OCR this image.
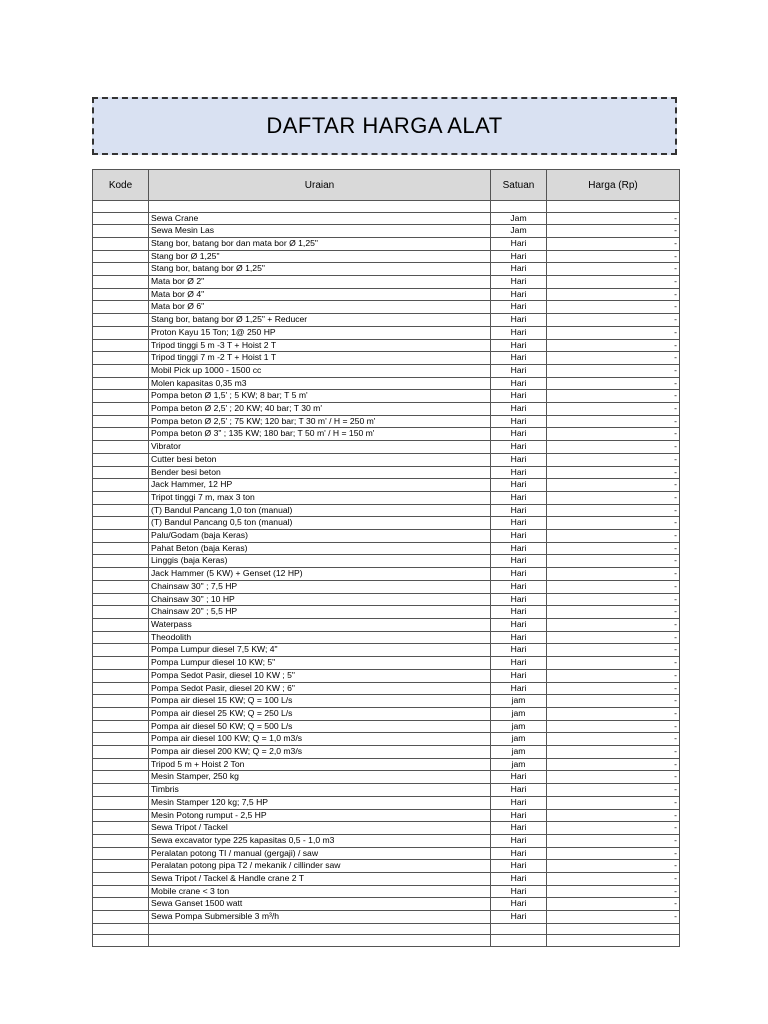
DAFTAR HARGA ALAT
Kode	Uraian	Satuan	Harga (Rp)

	Sewa Crane	Jam	-
	Sewa Mesin Las	Jam	-
	Stang bor, batang bor dan mata bor Ø 1,25"	Hari	-
	Stang bor Ø 1,25"	Hari	-
	Stang bor, batang bor Ø 1,25"	Hari	-
	Mata bor Ø 2"	Hari	-
	Mata bor Ø 4"	Hari	-
	Mata bor Ø 6"	Hari	-
	Stang bor, batang bor Ø 1,25" + Reducer	Hari	-
	Proton Kayu 15 Ton; 1@ 250 HP	Hari	-
	Tripod tinggi 5 m -3 T + Hoist 2 T	Hari	-
	Tripod tinggi 7 m -2 T + Hoist 1 T	Hari	-
	Mobil Pick up 1000 - 1500 cc	Hari	-
	Molen kapasitas 0,35 m3	Hari	-
	Pompa beton Ø 1,5' ; 5 KW; 8 bar; T 5 m'	Hari	-
	Pompa beton Ø 2,5' ; 20 KW; 40 bar; T 30 m'	Hari	-
	Pompa beton Ø 2,5' ; 75 KW; 120 bar; T 30 m' / H = 250 m'	Hari	-
	Pompa beton Ø 3" ; 135 KW; 180 bar; T 50 m' / H = 150 m'	Hari	-
	Vibrator	Hari	-
	Cutter besi beton	Hari	-
	Bender besi beton	Hari	-
	Jack Hammer, 12 HP	Hari	-
	Tripot tinggi 7 m, max 3 ton	Hari	-
	(T) Bandul Pancang 1,0 ton (manual)	Hari	-
	(T) Bandul Pancang 0,5 ton (manual)	Hari	-
	Palu/Godam (baja Keras)	Hari	-
	Pahat Beton (baja Keras)	Hari	-
	Linggis (baja Keras)	Hari	-
	Jack Hammer (5 KW) + Genset (12 HP)	Hari	-
	Chainsaw 30" ; 7,5 HP	Hari	-
	Chainsaw 30" ; 10 HP	Hari	-
	Chainsaw 20" ; 5,5 HP	Hari	-
	Waterpass	Hari	-
	Theodolith	Hari	-
	Pompa Lumpur diesel 7,5 KW; 4"	Hari	-
	Pompa Lumpur diesel 10 KW; 5"	Hari	-
	Pompa Sedot Pasir, diesel 10 KW ; 5"	Hari	-
	Pompa Sedot Pasir, diesel 20 KW ; 6"	Hari	-
	Pompa air diesel 15 KW; Q = 100 L/s	jam	-
	Pompa air diesel 25 KW; Q = 250 L/s	jam	-
	Pompa air diesel 50 KW; Q = 500 L/s	jam	-
	Pompa air diesel 100 KW; Q = 1,0 m3/s	jam	-
	Pompa air diesel 200 KW; Q = 2,0 m3/s	jam	-
	Tripod 5 m + Hoist 2 Ton	jam	-
	Mesin Stamper, 250 kg	Hari	-
	Timbris	Hari	-
	Mesin Stamper 120 kg; 7,5 HP	Hari	-
	Mesin Potong rumput - 2,5 HP	Hari	-
	Sewa Tripot / Tackel	Hari	-
	Sewa excavator type 225 kapasitas 0,5 - 1,0 m3	Hari	-
	Peralatan potong TI / manual (gergaji) / saw	Hari	-
	Peralatan potong pipa T2 / mekanik / cillinder saw	Hari	-
	Sewa Tripot / Tackel & Handle crane 2 T	Hari	-
	Mobile crane < 3 ton	Hari	-
	Sewa Ganset 1500 watt	Hari	-
	Sewa Pompa Submersible 3 m³/h	Hari	-
